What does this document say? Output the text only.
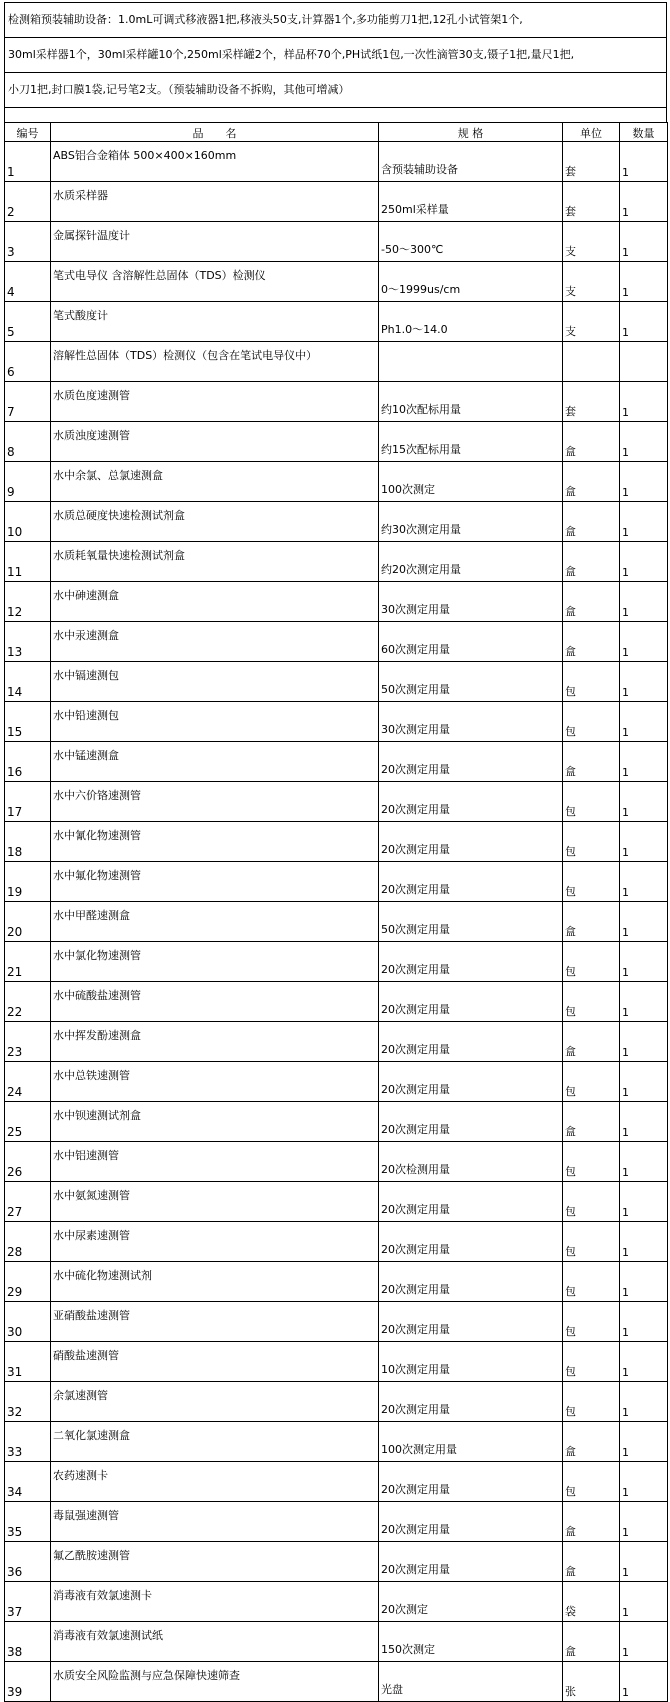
检测箱预装辅助设备：1.0mL可调式移液器1把,移液头50支,计算器1个,多功能剪刀1把,12孔小试管架1个,
30ml采样器1个，30ml采样罐10个,250ml采样罐2个，样品杯70个,PH试纸1包,一次性滴管30支,镊子1把,量尺1把,
小刀1把,封口膜1袋,记号笔2支。（预装辅助设备不拆购，其他可增减）
编号	品　　名	规 格	单位	数量
1	ABS铝合金箱体 500×400×160mm	含预装辅助设备	套	1
2	水质采样器	250ml采样量	套	1
3	金属探针温度计	-50～300℃	支	1
4	笔式电导仪 含溶解性总固体（TDS）检测仪	0～1999us/cm	支	1
5	笔式酸度计	Ph1.0～14.0	支	1
6	溶解性总固体（TDS）检测仪（包含在笔试电导仪中）			
7	水质色度速测管	约10次配标用量	套	1
8	水质浊度速测管	约15次配标用量	盒	1
9	水中余氯、总氯速测盒	100次测定	盒	1
10	水质总硬度快速检测试剂盒	约30次测定用量	盒	1
11	水质耗氧量快速检测试剂盒	约20次测定用量	盒	1
12	水中砷速测盒	30次测定用量	盒	1
13	水中汞速测盒	60次测定用量	盒	1
14	水中镉速测包	50次测定用量	包	1
15	水中铅速测包	30次测定用量	包	1
16	水中锰速测盒	20次测定用量	盒	1
17	水中六价铬速测管	20次测定用量	包	1
18	水中氰化物速测管	20次测定用量	包	1
19	水中氟化物速测管	20次测定用量	包	1
20	水中甲醛速测盒	50次测定用量	盒	1
21	水中氯化物速测管	20次测定用量	包	1
22	水中硫酸盐速测管	20次测定用量	包	1
23	水中挥发酚速测盒	20次测定用量	盒	1
24	水中总铁速测管	20次测定用量	包	1
25	水中钡速测试剂盒	20次测定用量	盒	1
26	水中铝速测管	20次检测用量	包	1
27	水中氨氮速测管	20次测定用量	包	1
28	水中尿素速测管	20次测定用量	包	1
29	水中硫化物速测试剂	20次测定用量	包	1
30	亚硝酸盐速测管	20次测定用量	包	1
31	硝酸盐速测管	10次测定用量	包	1
32	余氯速测管	20次测定用量	包	1
33	二氧化氯速测盒	100次测定用量	盒	1
34	农药速测卡	20次测定用量	包	1
35	毒鼠强速测管	20次测定用量	盒	1
36	氟乙酰胺速测管	20次测定用量	盒	1
37	消毒液有效氯速测卡	20次测定	袋	1
38	消毒液有效氯速测试纸	150次测定	盒	1
39	水质安全风险监测与应急保障快速筛查	光盘	张	1
